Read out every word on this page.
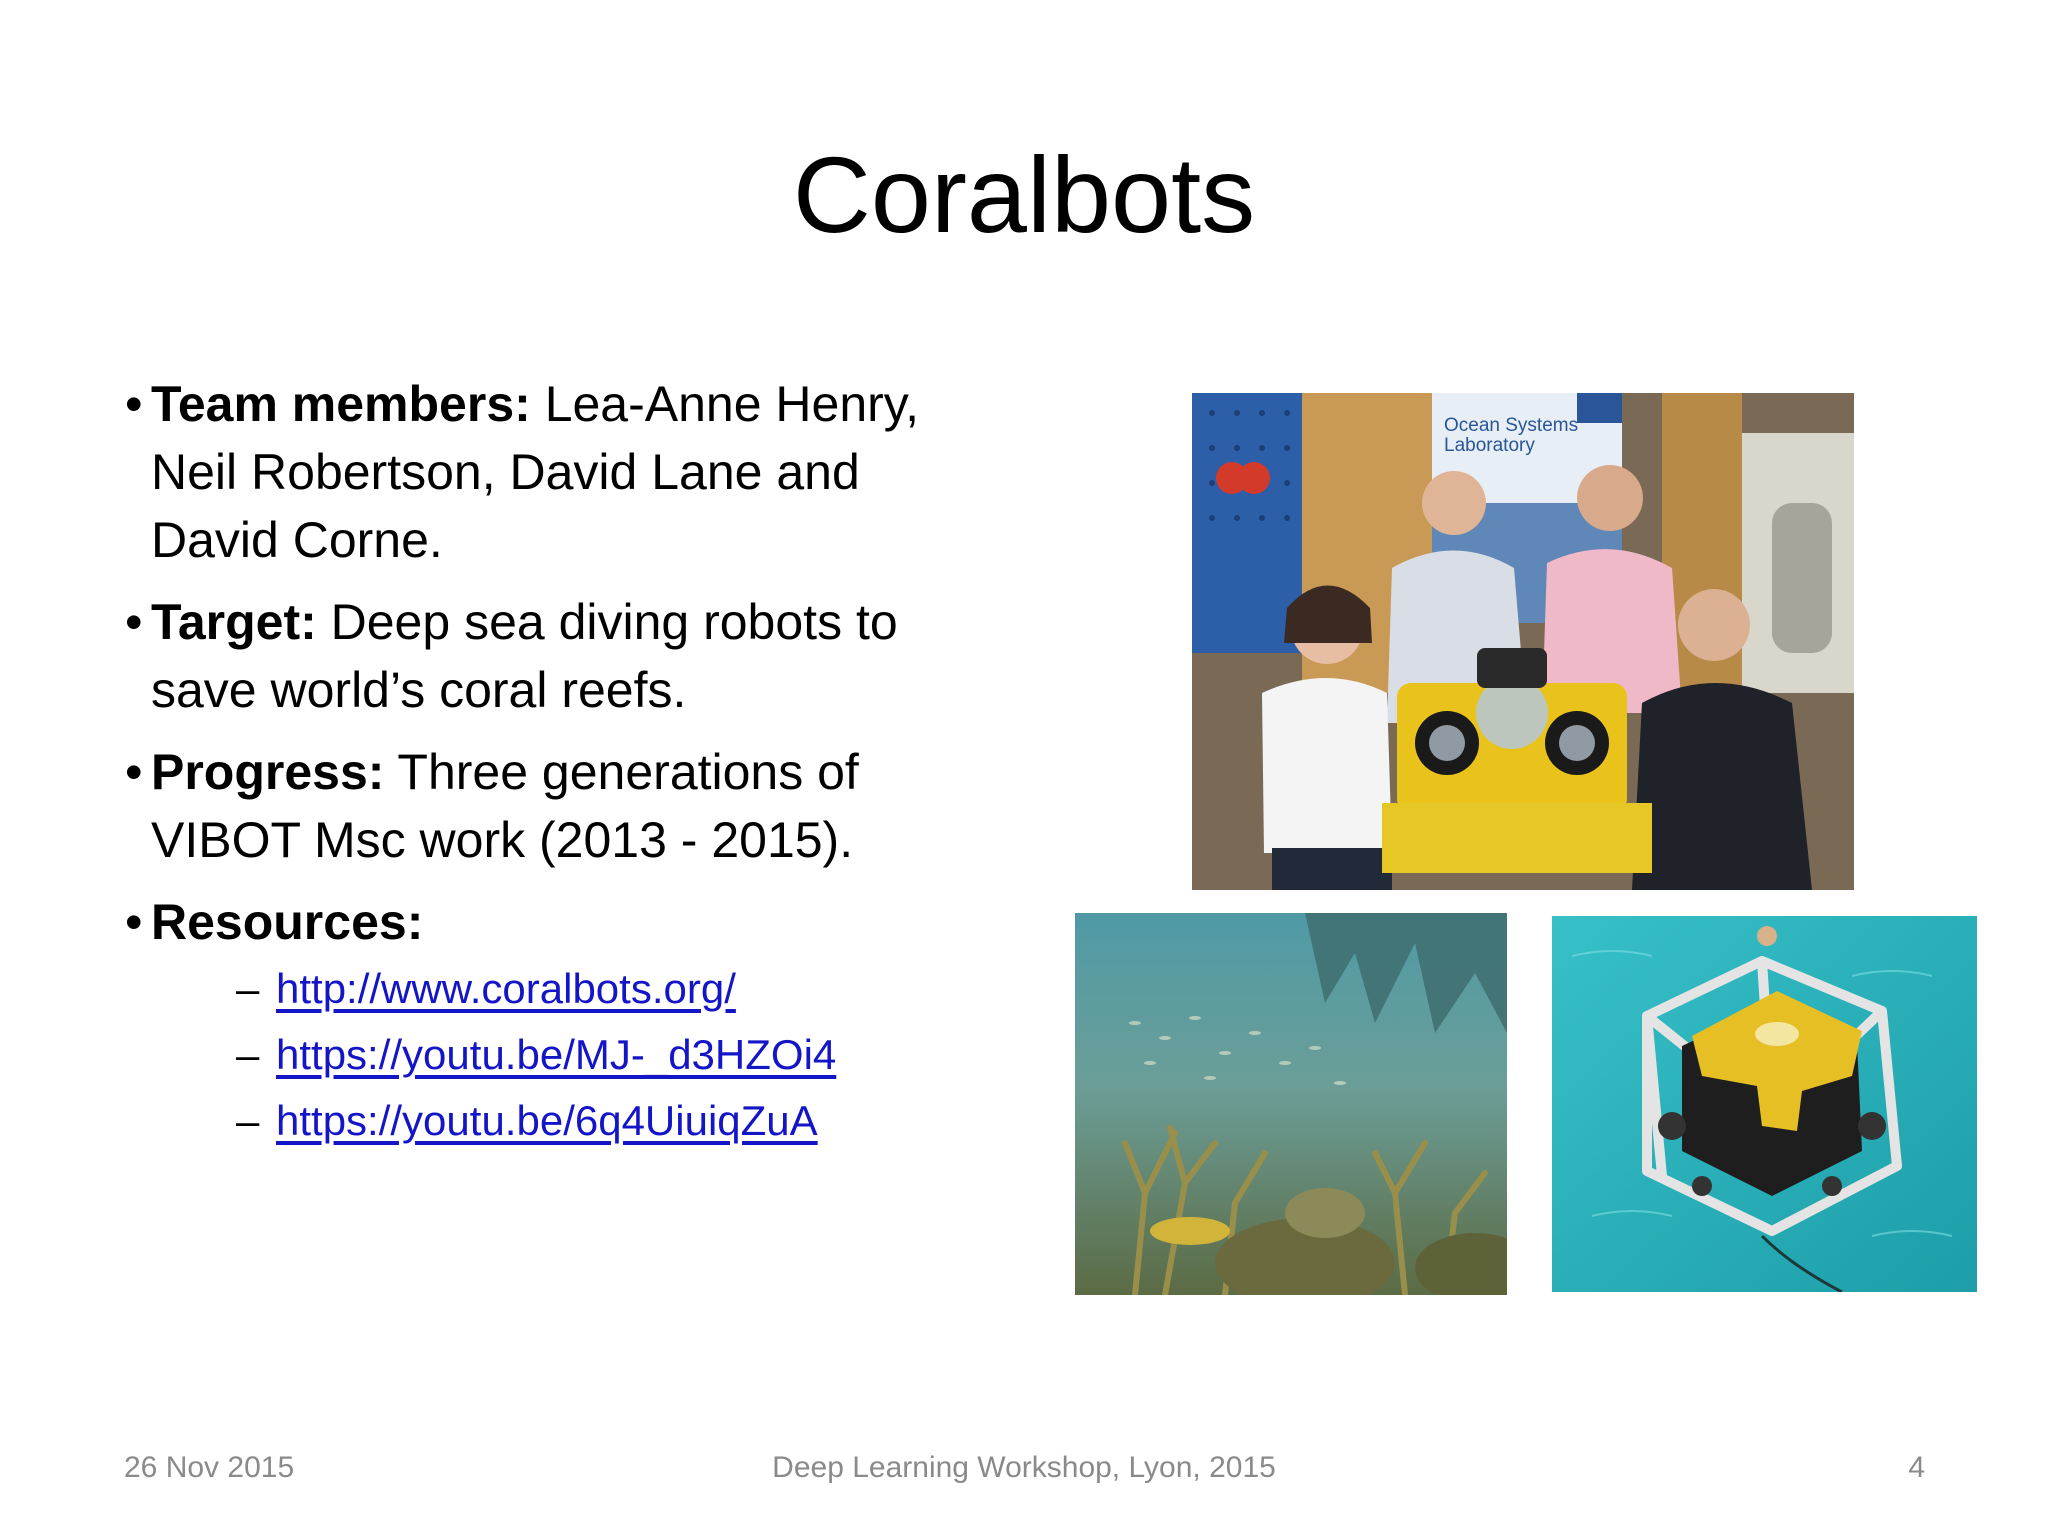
Coralbots
• Team members: Lea-Anne Henry, Neil Robertson, David Lane and David Corne.
• Target: Deep sea diving robots to save world’s coral reefs.
• Progress: Three generations of VIBOT Msc work (2013 - 2015).
• Resources:
– http://www.coralbots.org/
– https://youtu.be/MJ-_d3HZOi4
– https://youtu.be/6q4UiuiqZuA
Ocean Systems
Laboratory
26 Nov 2015	Deep Learning Workshop, Lyon, 2015	4
